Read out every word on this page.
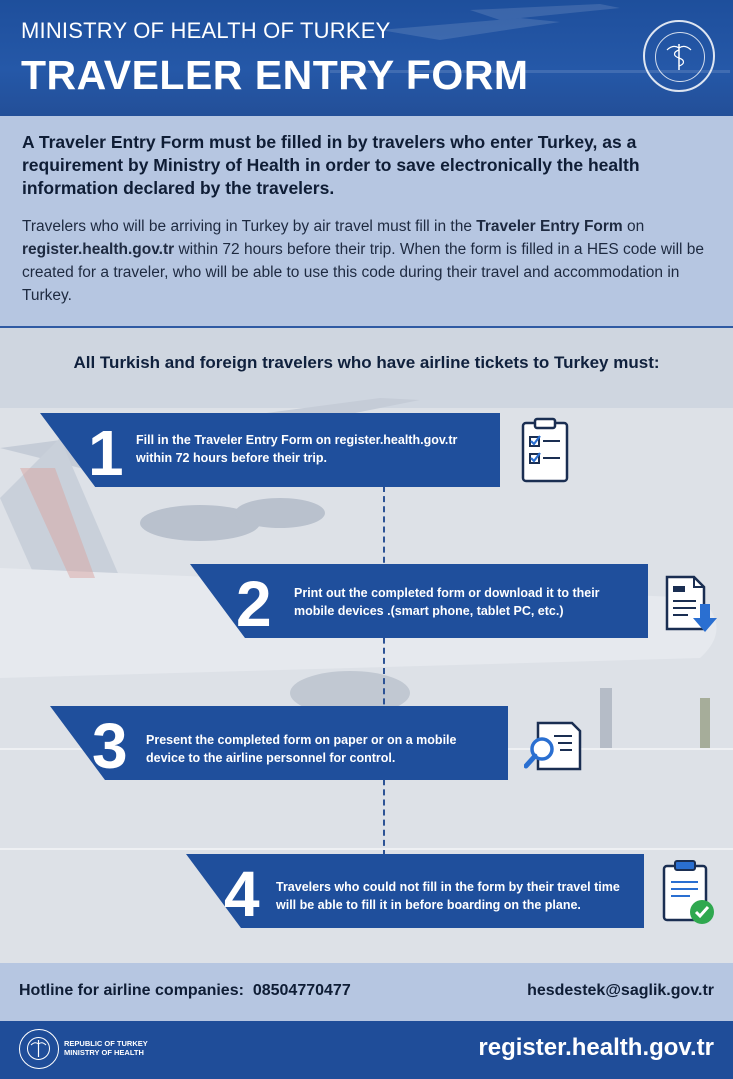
MINISTRY OF HEALTH OF TURKEY
TRAVELER ENTRY FORM
A Traveler Entry Form must be filled in by travelers who enter Turkey, as a requirement by Ministry of Health in order to save electronically the health information declared by the travelers.
Travelers who will be arriving in Turkey by air travel must fill in the Traveler Entry Form on register.health.gov.tr within 72 hours before their trip. When the form is filled in a HES code will be created for a traveler, who will be able to use this code during their travel and accommodation in Turkey.
All Turkish and foreign travelers who have airline tickets to Turkey must:
1 Fill in the Traveler Entry Form on register.health.gov.tr within 72 hours before their trip.
2 Print out the completed form or download it to their mobile devices .(smart phone, tablet PC, etc.)
3 Present the completed form on paper or on a mobile device to the airline personnel for control.
4 Travelers who could not fill in the form by their travel time will be able to fill it in before boarding on the plane.
Hotline for airline companies: 08504770477	hesdestek@saglik.gov.tr
REPUBLIC OF TURKEY
MINISTRY OF HEALTH	register.health.gov.tr
